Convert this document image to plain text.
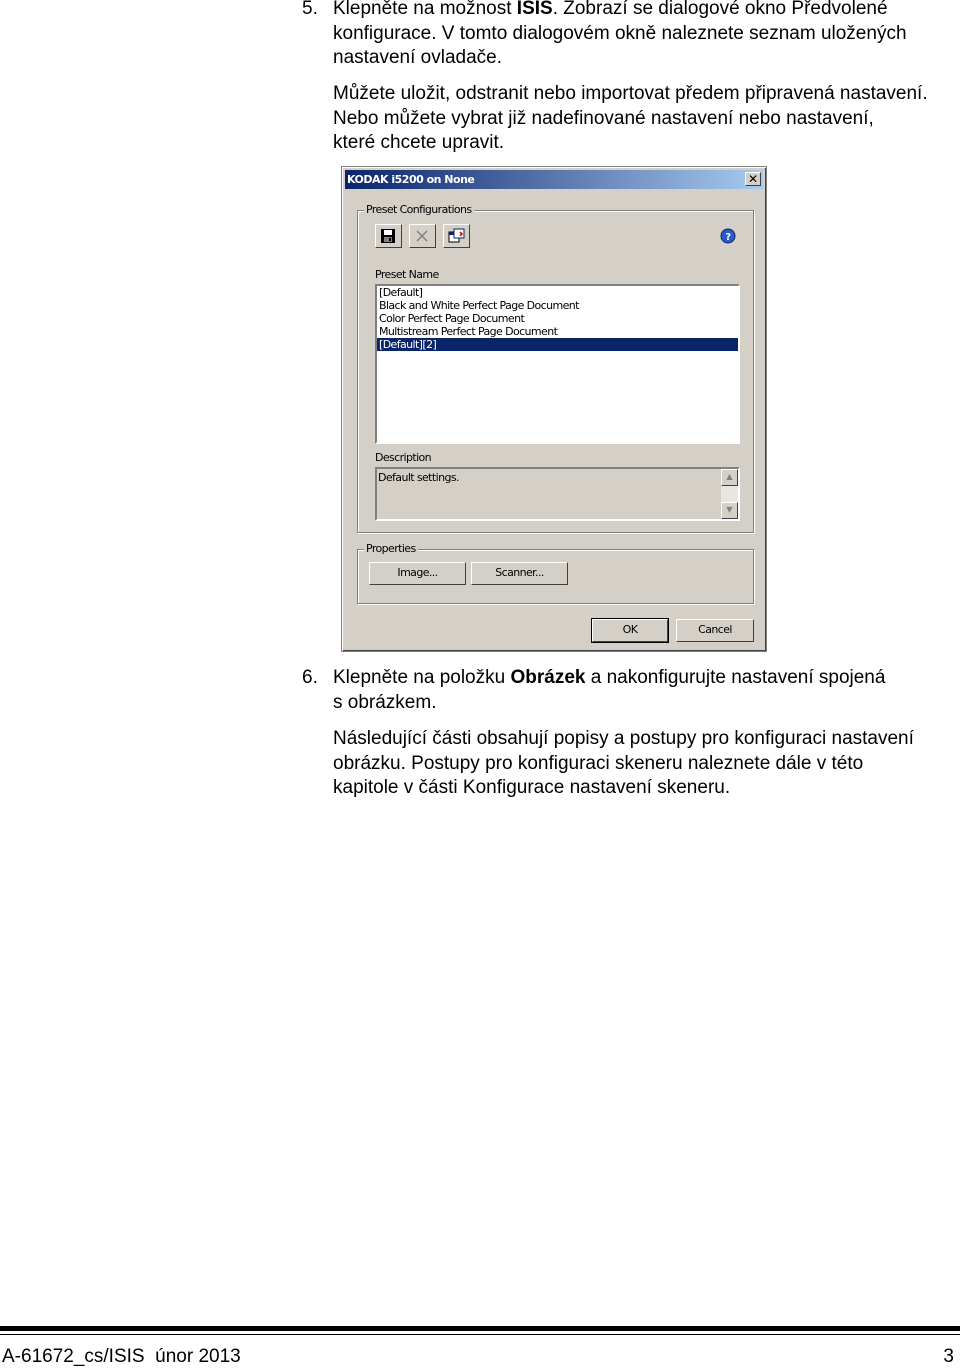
5. Klepněte na možnost ISIS. Zobrazí se dialogové okno Předvolené
konfigurace. V tomto dialogovém okně naleznete seznam uložených
nastavení ovladače.
Můžete uložit, odstranit nebo importovat předem připravená nastavení.
Nebo můžete vybrat již nadefinované nastavení nebo nastavení,
které chcete upravit.
KODAK i5200 on None	✕
Preset Configurations
?
Preset Name
[Default]
Black and White Perfect Page Document
Color Perfect Page Document
Multistream Perfect Page Document
[Default][2]
Description
Default settings.	▲
▼
Properties
Image...	Scanner...
OK	Cancel
6. Klepněte na položku Obrázek a nakonfigurujte nastavení spojená
s obrázkem.
Následující části obsahují popisy a postupy pro konfiguraci nastavení
obrázku. Postupy pro konfiguraci skeneru naleznete dále v této
kapitole v části Konfigurace nastavení skeneru.
A-61672_cs/ISIS únor 2013	3
